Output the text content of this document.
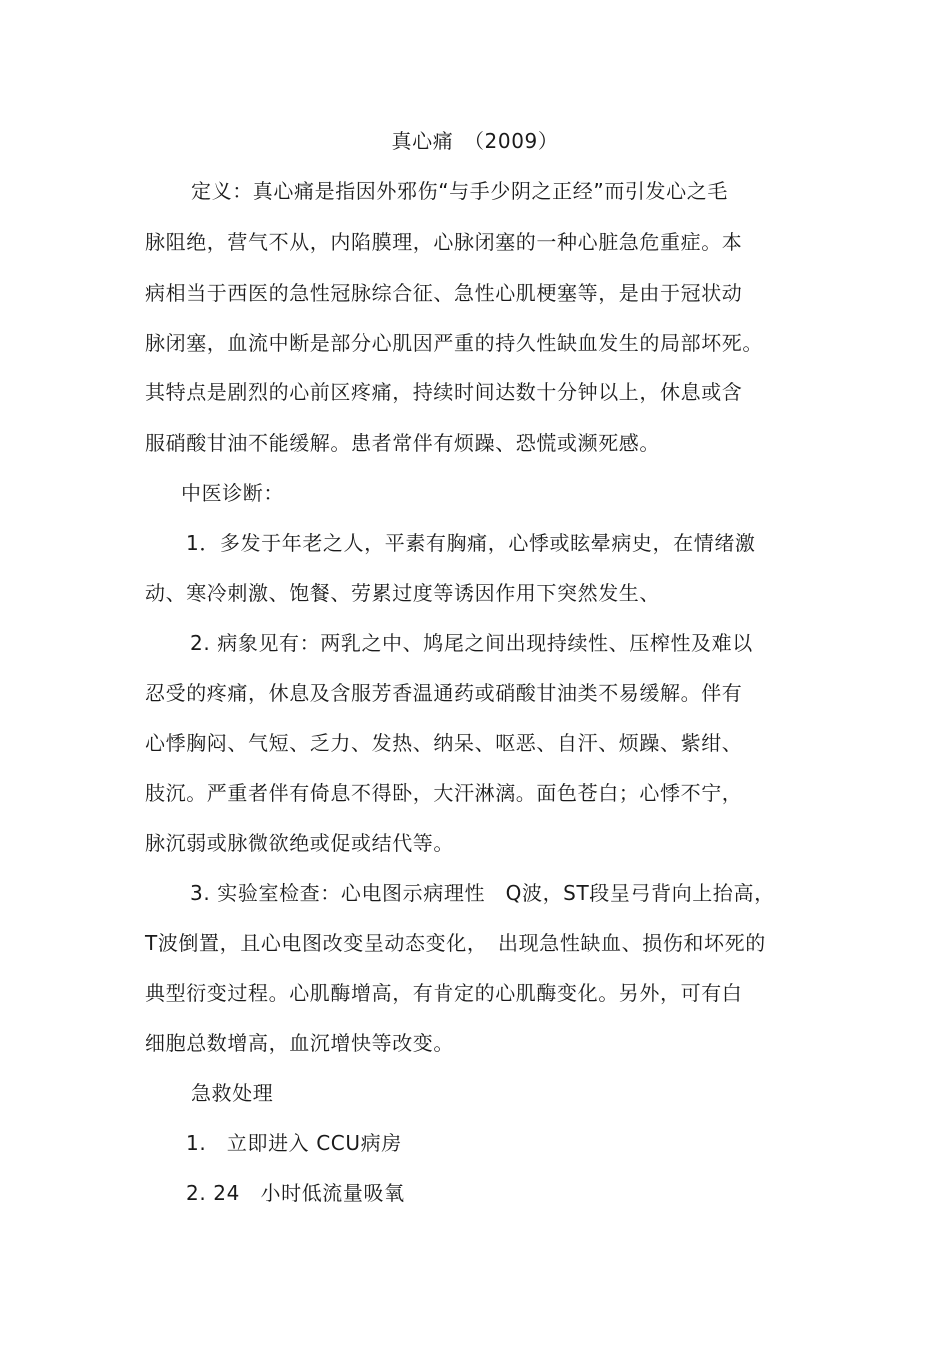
真心痛　（2009）
定义：真心痛是指因外邪伤“与手少阴之正经”而引发心之毛
脉阻绝，营气不从，内陷膜理，心脉闭塞的一种心脏急危重症。本
病相当于西医的急性冠脉综合征、急性心肌梗塞等，是由于冠状动
脉闭塞，血流中断是部分心肌因严重的持久性缺血发生的局部坏死。
其特点是剧烈的心前区疼痛，持续时间达数十分钟以上，休息或含
服硝酸甘油不能缓解。患者常伴有烦躁、恐慌或濒死感。
中医诊断：
1．多发于年老之人，平素有胸痛，心悸或眩晕病史，在情绪激
动、寒冷刺激、饱餐、劳累过度等诱因作用下突然发生、
2. 病象见有：两乳之中、鸠尾之间出现持续性、压榨性及难以
忍受的疼痛，休息及含服芳香温通药或硝酸甘油类不易缓解。伴有
心悸胸闷、气短、乏力、发热、纳呆、呕恶、自汗、烦躁、紫绀、
肢沉。严重者伴有倚息不得卧，大汗淋漓。面色苍白；心悸不宁，
脉沉弱或脉微欲绝或促或结代等。
3. 实验室检查：心电图示病理性　Q波，ST段呈弓背向上抬高，
T波倒置，且心电图改变呈动态变化，　出现急性缺血、损伤和坏死的
典型衍变过程。心肌酶增高，有肯定的心肌酶变化。另外，可有白
细胞总数增高，血沉增快等改变。
急救处理
1.　立即进入 CCU病房
2. 24　小时低流量吸氧
